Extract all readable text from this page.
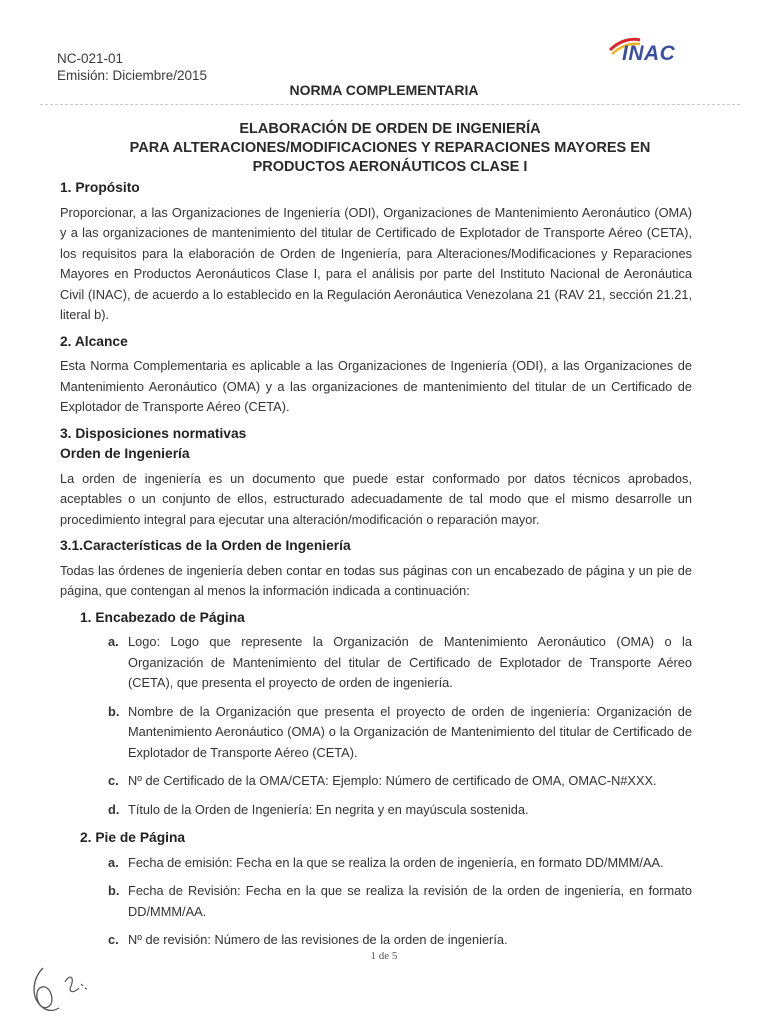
NC-021-01
Emisión: Diciembre/2015
INAC
NORMA COMPLEMENTARIA
ELABORACIÓN DE ORDEN DE INGENIERÍA
PARA ALTERACIONES/MODIFICACIONES Y REPARACIONES MAYORES EN
PRODUCTOS AERONÁUTICOS CLASE I
1. Propósito

Proporcionar, a las Organizaciones de Ingeniería (ODI), Organizaciones de Mantenimiento Aeronáutico (OMA) y a las organizaciones de mantenimiento del titular de Certificado de Explotador de Transporte Aéreo (CETA), los requisitos para la elaboración de Orden de Ingeniería, para Alteraciones/Modificaciones y Reparaciones Mayores en Productos Aeronáuticos Clase I, para el análisis por parte del Instituto Nacional de Aeronáutica Civil (INAC), de acuerdo a lo establecido en la Regulación Aeronáutica Venezolana 21 (RAV 21, sección 21.21, literal b).

2. Alcance

Esta Norma Complementaria es aplicable a las Organizaciones de Ingeniería (ODI), a las Organizaciones de Mantenimiento Aeronáutico (OMA) y a las organizaciones de mantenimiento del titular de un Certificado de Explotador de Transporte Aéreo (CETA).

3. Disposiciones normativas
Orden de Ingeniería

La orden de ingeniería es un documento que puede estar conformado por datos técnicos aprobados, aceptables o un conjunto de ellos, estructurado adecuadamente de tal modo que el mismo desarrolle un procedimiento integral para ejecutar una alteración/modificación o reparación mayor.

3.1.Características de la Orden de Ingeniería

Todas las órdenes de ingeniería deben contar en todas sus páginas con un encabezado de página y un pie de página, que contengan al menos la información indicada a continuación:

1. Encabezado de Página
a. Logo: Logo que represente la Organización de Mantenimiento Aeronáutico (OMA) o la Organización de Mantenimiento del titular de Certificado de Explotador de Transporte Aéreo (CETA), que presenta el proyecto de orden de ingeniería.
b. Nombre de la Organización que presenta el proyecto de orden de ingeniería: Organización de Mantenimiento Aeronáutico (OMA) o la Organización de Mantenimiento del titular de Certificado de Explotador de Transporte Aéreo (CETA).
c. Nº de Certificado de la OMA/CETA: Ejemplo: Número de certificado de OMA, OMAC-N#XXX.
d. Título de la Orden de Ingeniería: En negrita y en mayúscula sostenida.
2. Pie de Página
a. Fecha de emisión: Fecha en la que se realiza la orden de ingeniería, en formato DD/MMM/AA.
b. Fecha de Revisión: Fecha en la que se realiza la revisión de la orden de ingeniería, en formato DD/MMM/AA.
c. Nº de revisión: Número de las revisiones de la orden de ingeniería.
1 de 5
